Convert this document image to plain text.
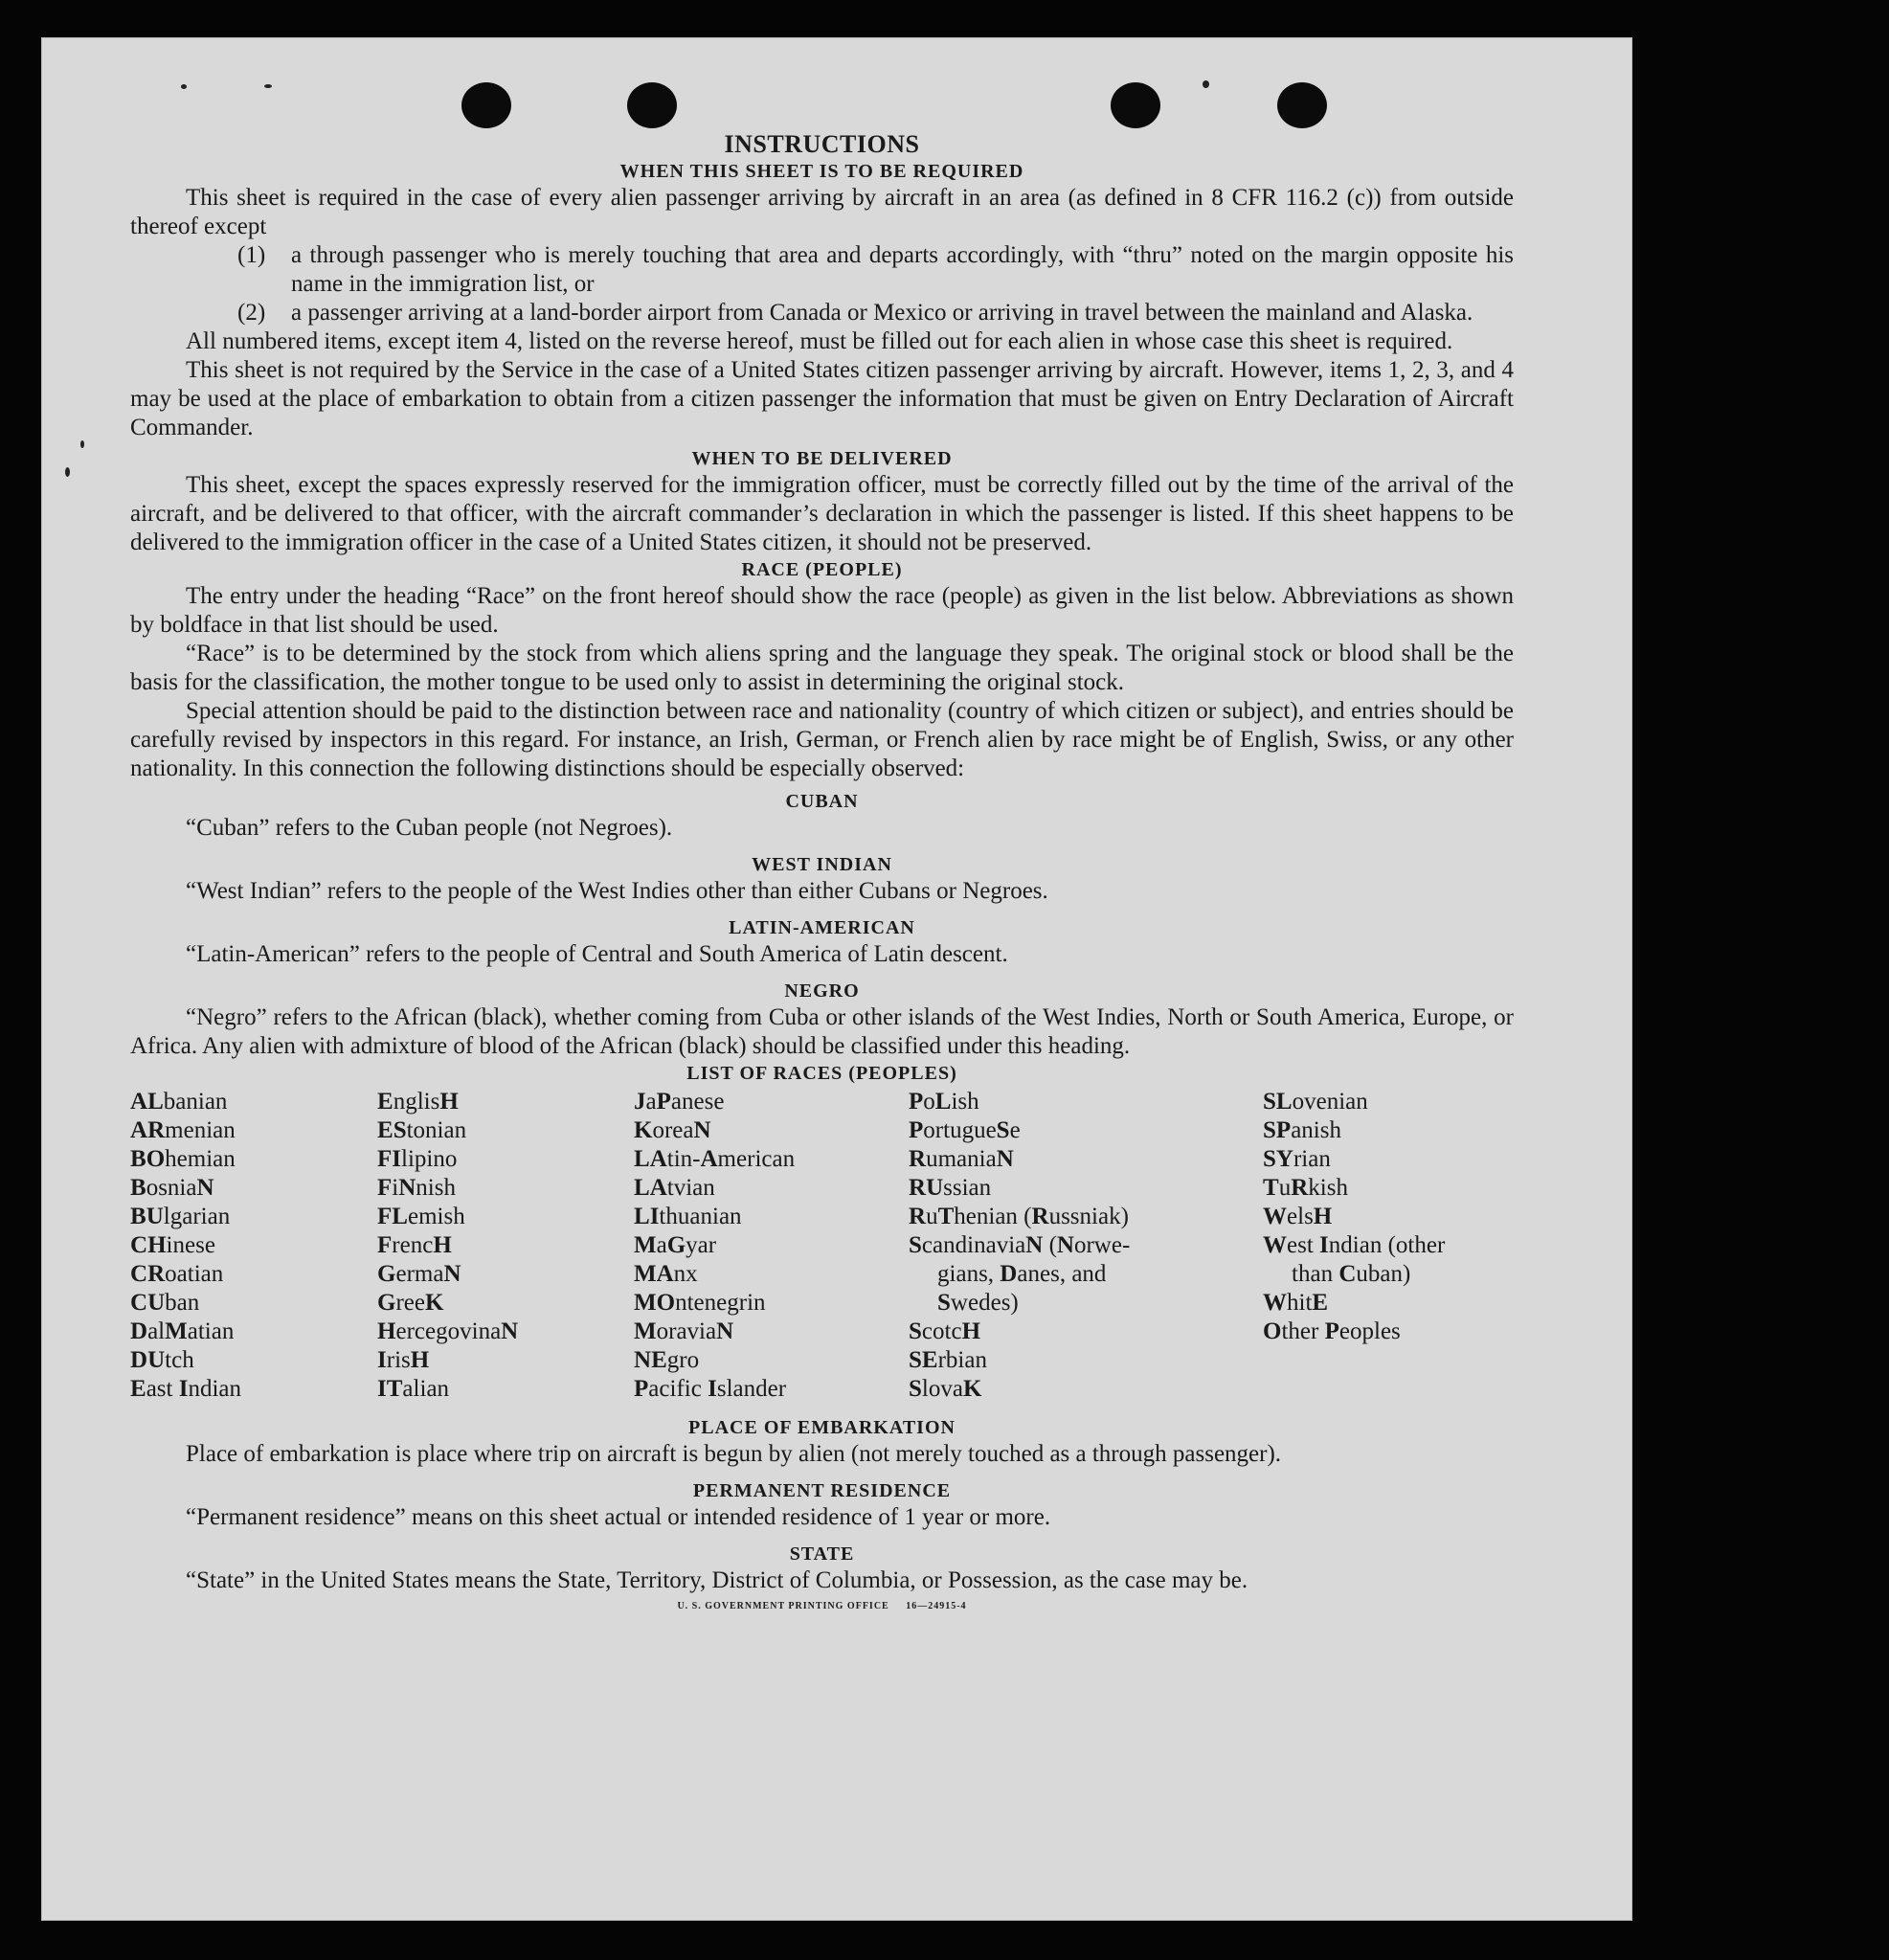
INSTRUCTIONS
WHEN THIS SHEET IS TO BE REQUIRED

This sheet is required in the case of every alien passenger arriving by aircraft in an area (as defined in 8 CFR 116.2 (c)) from outside thereof except

(1)	a through passenger who is merely touching that area and departs accordingly, with “thru” noted on the margin opposite his name in the immigration list, or
(2)	a passenger arriving at a land-border airport from Canada or Mexico or arriving in travel between the mainland and Alaska.

All numbered items, except item 4, listed on the reverse hereof, must be filled out for each alien in whose case this sheet is required.

This sheet is not required by the Service in the case of a United States citizen passenger arriving by aircraft. However, items 1, 2, 3, and 4 may be used at the place of embarkation to obtain from a citizen passenger the information that must be given on Entry Declaration of Aircraft Commander.

WHEN TO BE DELIVERED

This sheet, except the spaces expressly reserved for the immigration officer, must be correctly filled out by the time of the arrival of the aircraft, and be delivered to that officer, with the aircraft commander’s declaration in which the passenger is listed. If this sheet happens to be delivered to the immigration officer in the case of a United States citizen, it should not be preserved.

RACE (PEOPLE)

The entry under the heading “Race” on the front hereof should show the race (people) as given in the list below. Abbreviations as shown by boldface in that list should be used.

“Race” is to be determined by the stock from which aliens spring and the language they speak. The original stock or blood shall be the basis for the classification, the mother tongue to be used only to assist in determining the original stock.

Special attention should be paid to the distinction between race and nationality (country of which citizen or subject), and entries should be carefully revised by inspectors in this regard. For instance, an Irish, German, or French alien by race might be of English, Swiss, or any other nationality. In this connection the following distinctions should be especially observed:

CUBAN

“Cuban” refers to the Cuban people (not Negroes).

WEST INDIAN

“West Indian” refers to the people of the West Indies other than either Cubans or Negroes.

LATIN-AMERICAN

“Latin-American” refers to the people of Central and South America of Latin descent.

NEGRO

“Negro” refers to the African (black), whether coming from Cuba or other islands of the West Indies, North or South America, Europe, or Africa. Any alien with admixture of blood of the African (black) should be classified under this heading.

LIST OF RACES (PEOPLES)
ALbanian
ARmenian
BOhemian
BosniaN
BUlgarian
CHinese
CRoatian
CUban
DalMatian
DUtch
East Indian
EnglisH
EStonian
FIlipino
FiNnish
FLemish
FrencH
GermaN
GreeK
HercegovinaN
IrisH
ITalian
JaPanese
KoreaN
LAtin-American
LAtvian
LIthuanian
MaGyar
MAnx
MOntenegrin
MoraviaN
NEgro
Pacific Islander
PoLish
PortugueSe
RumaniaN
RUssian
RuThenian (Russniak)
ScandinaviaN (Norwe-
gians, Danes, and
Swedes)
ScotcH
SErbian
SlovaK
SLovenian
SPanish
SYrian
TuRkish
WelsH
West Indian (other
than Cuban)
WhitE
Other Peoples
PLACE OF EMBARKATION

Place of embarkation is place where trip on aircraft is begun by alien (not merely touched as a through passenger).

PERMANENT RESIDENCE

“Permanent residence” means on this sheet actual or intended residence of 1 year or more.

STATE

“State” in the United States means the State, Territory, District of Columbia, or Possession, as the case may be.

U. S. GOVERNMENT PRINTING OFFICE     16—24915-4
